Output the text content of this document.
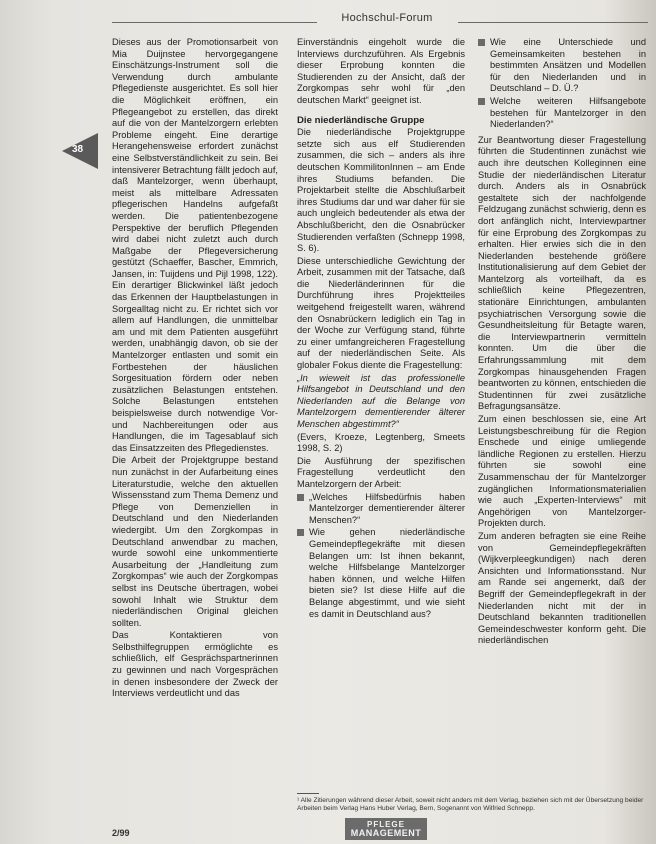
Hochschul-Forum
38

Dieses aus der Promotionsarbeit von Mia Duijnstee hervorgegangene Einschätzungs-Instrument soll die Verwendung durch ambulante Pflegedienste ausgerichtet. Es soll hier die Möglichkeit eröffnen, ein Pflegeangebot zu erstellen, das direkt auf die von der Mantelzorgern erlebten Probleme eingeht. Eine derartige Herangehensweise erfordert zunächst eine Selbstverständlichkeit zu sein. Bei intensiverer Betrachtung fällt jedoch auf, daß Mantelzorger, wenn überhaupt, meist als mittelbare Adressaten pflegerischen Handelns aufgefaßt werden. Die patientenbezogene Perspektive der beruflich Pflegenden wird dabei nicht zuletzt auch durch Maßgabe der Pflegeversicherung gestützt (Schaeffer, Bascher, Emmrich, Jansen, in: Tuijdens und Pijl 1998, 122). Ein derartiger Blickwinkel läßt jedoch das Erkennen der Hauptbelastungen in Sorgealltag nicht zu. Er richtet sich vor allem auf Handlungen, die unmittelbar am und mit dem Patienten ausgeführt werden, unabhängig davon, ob sie der Mantelzorger entlasten und somit ein Fortbestehen der häuslichen Sorgesituation fördern oder neben zusätzlichen Belastungen entstehen. Solche Belastungen entstehen beispielsweise durch notwendige Vor- und Nachbereitungen oder aus Handlungen, die im Tagesablauf sich das Einsatzzeiten des Pflegedienstes.

Die Arbeit der Projektgruppe bestand nun zunächst in der Aufarbeitung eines Literaturstudie, welche den aktuellen Wissensstand zum Thema Demenz und Pflege von Demenziellen in Deutschland und den Niederlanden wiedergibt. Um den Zorgkompas in Deutschland anwendbar zu machen, wurde sowohl eine unkommentierte Ausarbeitung der „Handleitung zum Zorgkompas“ wie auch der Zorgkompas selbst ins Deutsche übertragen, wobei sowohl Inhalt wie Struktur dem niederländischen Original gleichen sollten.

Das Kontaktieren von Selbsthilfegruppen ermöglichte es schließlich, elf Gesprächspartnerinnen zu gewinnen und nach Vorgesprächen in denen insbesondere der Zweck der Interviews verdeutlicht und das

Einverständnis eingeholt wurde die Interviews durchzuführen. Als Ergebnis dieser Erprobung konnten die Studierenden zu der Ansicht, daß der Zorgkompas sehr wohl für „den deutschen Markt“ geeignet ist.

Die niederländische Gruppe

Die niederländische Projektgruppe setzte sich aus elf Studierenden zusammen, die sich – anders als ihre deutschen KommilitonInnen – am Ende ihres Studiums befanden. Die Projektarbeit stellte die Abschlußarbeit ihres Studiums dar und war daher für sie auch ungleich bedeutender als etwa der Abschlußbericht, den die Osnabrücker Studierenden verfaßten (Schnepp 1998, S. 6).

Diese unterschiedliche Gewichtung der Arbeit, zusammen mit der Tatsache, daß die Niederländerinnen für die Durchführung ihres Projektteiles weitgehend freigestellt waren, während den Osnabrückern lediglich ein Tag in der Woche zur Verfügung stand, führte zu einer umfangreicheren Fragestellung auf der niederländischen Seite. Als globaler Fokus diente die Fragestellung:

„In wieweit ist das professionelle Hilfsangebot in Deutschland und den Niederlanden auf die Belange von Mantelzorgern dementierender älterer Menschen abgestimmt?“

(Evers, Kroeze, Legtenberg, Smeets 1998, S. 2)

Die Ausführung der spezifischen Fragestellung verdeutlicht den Mantelzorgern der Arbeit:

„Welches Hilfsbedürfnis haben Mantelzorger dementierender älterer Menschen?“
Wie gehen niederländische Gemeindepflegekräfte mit diesen Belangen um: Ist ihnen bekannt, welche Hilfsbelange Mantelzorger haben können, und welche Hilfen bieten sie? Ist diese Hilfe auf die Belange abgestimmt, und wie sieht es damit in Deutschland aus?
Wie eine Unterschiede und Gemeinsamkeiten bestehen in bestimmten Ansätzen und Modellen für den Niederlanden und in Deutschland – D. Ü.?
Welche weiteren Hilfsangebote bestehen für Mantelzorger in den Niederlanden?“

Zur Beantwortung dieser Fragestellung führten die Studentinnen zunächst wie auch ihre deutschen Kolleginnen eine Studie der niederländischen Literatur durch. Anders als in Osnabrück gestaltete sich der nachfolgende Feldzugang zunächst schwierig, denn es dort anfänglich nicht, Interviewpartner für eine Erprobung des Zorgkompas zu erhalten. Hier erwies sich die in den Niederlanden bestehende größere Institutionalisierung auf dem Gebiet der Mantelzorg als vorteilhaft, da es schließlich keine Pflegezentren, stationäre Einrichtungen, ambulanten psychiatrischen Versorgung sowie die Gesundheitsleitung für Betagte waren, die Interviewpartnerin vermitteln konnten. Um die über die Erfahrungssammlung mit dem Zorgkompas hinausgehenden Fragen beantworten zu können, entschieden die Studentinnen für zwei zusätzliche Befragungsansätze.

Zum einen beschlossen sie, eine Art Leistungsbeschreibung für die Region Enschede und einige umliegende ländliche Regionen zu erstellen. Hierzu führten sie sowohl eine Zusammenschau der für Mantelzorger zugänglichen Informationsmaterialien wie auch „Experten-Interviews“ mit Angehörigen von Mantelzorger-Projekten durch.

Zum anderen befragten sie eine Reihe von Gemeindepflegekräften (Wijkverpleegkundigen) nach deren Ansichten und Informationsstand. Nur am Rande sei angemerkt, daß der Begriff der Gemeindepflegekraft in der Niederlanden nicht mit der in Deutschland bekannten traditionellen Gemeindeschwester konform geht. Die niederländischen

¹ Alle Zitierungen während dieser Arbeit, soweit nicht anders mit dem Verlag, beziehen sich mit der Übersetzung beider Arbeiten beim Verlag Hans Huber Verlag, Bern, Sogenannt von Wilfried Schnepp.
2/99
PFLEGE
MANAGEMENT
